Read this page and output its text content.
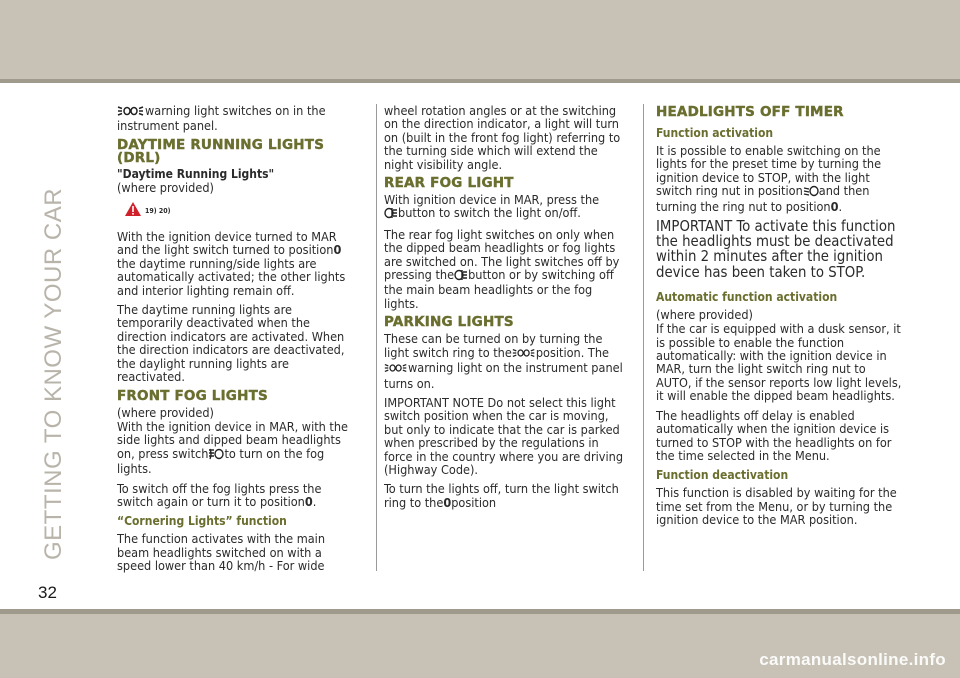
GETTING TO KNOW YOUR CAR
32
carmanualsonline.info

warning light switches on in the instrument panel.

DAYTIME RUNNING LIGHTS
(DRL)

"Daytime Running Lights"

(where provided)

19) 20)

With the ignition device turned to MAR and the light switch turned to position0 the daytime running/side lights are automatically activated; the other lights and interior lighting remain off.

The daytime running lights are temporarily deactivated when the direction indicators are activated. When the direction indicators are deactivated, the daylight running lights are reactivated.

FRONT FOG LIGHTS

(where provided)

With the ignition device in MAR, with the side lights and dipped beam headlights on, press switch to turn on the fog lights.

To switch off the fog lights press the switch again or turn it to position0.

“Cornering Lights” function

The function activates with the main beam headlights switched on with a speed lower than 40 km/h - For wide

wheel rotation angles or at the switching on the direction indicator, a light will turn on (built in the front fog light) referring to the turning side which will extend the night visibility angle.

REAR FOG LIGHT

With ignition device in MAR, press the
button to switch the light on/off.

The rear fog light switches on only when the dipped beam headlights or fog lights are switched on. The light switches off by pressing the button or by switching off the main beam headlights or the fog lights.

PARKING LIGHTS

These can be turned on by turning the light switch ring to the position. The
warning light on the instrument panel turns on.

IMPORTANT NOTE Do not select this light switch position when the car is moving, but only to indicate that the car is parked when prescribed by the regulations in force in the country where you are driving (Highway Code).

To turn the lights off, turn the light switch ring to the0position

HEADLIGHTS OFF TIMER
Function activation

It is possible to enable switching on the lights for the preset time by turning the ignition device to STOP, with the light switch ring nut in position and then turning the ring nut to position0.

IMPORTANT To activate this function the headlights must be deactivated within 2 minutes after the ignition device has been taken to STOP.

Automatic function activation

(where provided)

If the car is equipped with a dusk sensor, it is possible to enable the function automatically: with the ignition device in MAR, turn the light switch ring nut to AUTO, if the sensor reports low light levels, it will enable the dipped beam headlights.

The headlights off delay is enabled automatically when the ignition device is turned to STOP with the headlights on for the time selected in the Menu.

Function deactivation

This function is disabled by waiting for the time set from the Menu, or by turning the ignition device to the MAR position.
